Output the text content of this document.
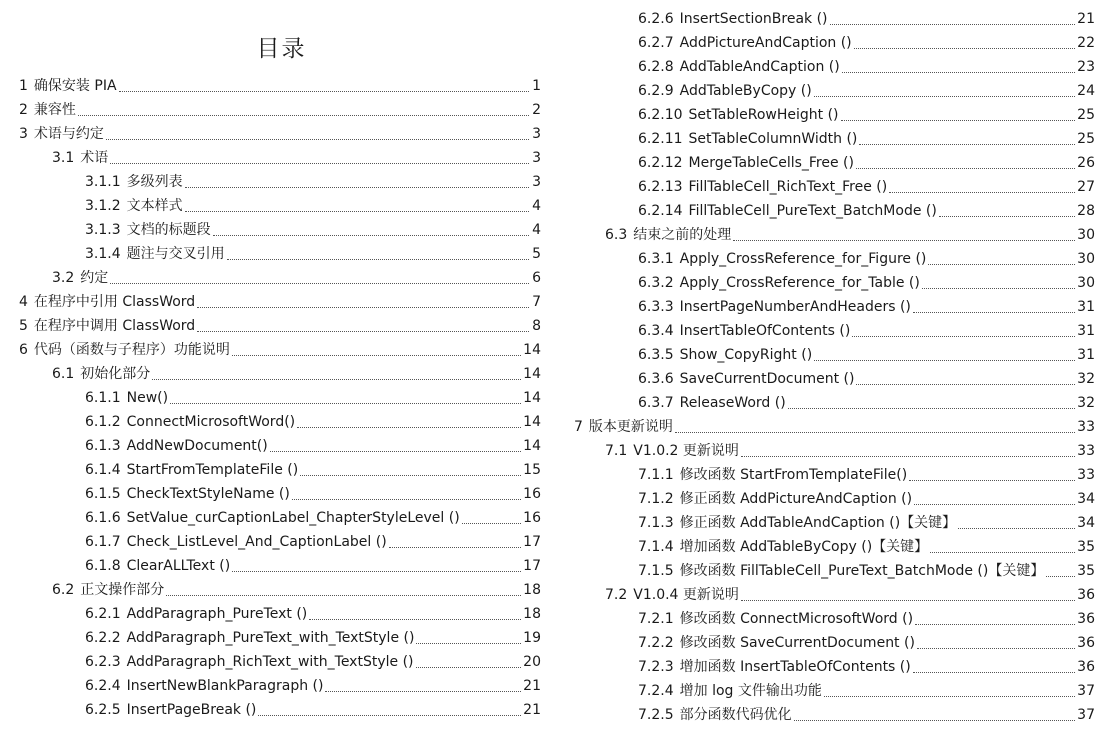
目录
1 确保安装 PIA	1
2 兼容性	2
3 术语与约定	3
3.1 术语	3
3.1.1 多级列表	3
3.1.2 文本样式	4
3.1.3 文档的标题段	4
3.1.4 题注与交叉引用	5
3.2 约定	6
4 在程序中引用 ClassWord	7
5 在程序中调用 ClassWord	8
6 代码（函数与子程序）功能说明	14
6.1 初始化部分	14
6.1.1 New()	14
6.1.2 ConnectMicrosoftWord()	14
6.1.3 AddNewDocument()	14
6.1.4 StartFromTemplateFile ()	15
6.1.5 CheckTextStyleName ()	16
6.1.6 SetValue_curCaptionLabel_ChapterStyleLevel ()	16
6.1.7 Check_ListLevel_And_CaptionLabel ()	17
6.1.8 ClearALLText ()	17
6.2 正文操作部分	18
6.2.1 AddParagraph_PureText ()	18
6.2.2 AddParagraph_PureText_with_TextStyle ()	19
6.2.3 AddParagraph_RichText_with_TextStyle ()	20
6.2.4 InsertNewBlankParagraph ()	21
6.2.5 InsertPageBreak ()	21
6.2.6 InsertSectionBreak ()	21
6.2.7 AddPictureAndCaption ()	22
6.2.8 AddTableAndCaption ()	23
6.2.9 AddTableByCopy ()	24
6.2.10 SetTableRowHeight ()	25
6.2.11 SetTableColumnWidth ()	25
6.2.12 MergeTableCells_Free ()	26
6.2.13 FillTableCell_RichText_Free ()	27
6.2.14 FillTableCell_PureText_BatchMode ()	28
6.3 结束之前的处理	30
6.3.1 Apply_CrossReference_for_Figure ()	30
6.3.2 Apply_CrossReference_for_Table ()	30
6.3.3 InsertPageNumberAndHeaders ()	31
6.3.4 InsertTableOfContents ()	31
6.3.5 Show_CopyRight ()	31
6.3.6 SaveCurrentDocument ()	32
6.3.7 ReleaseWord ()	32
7 版本更新说明	33
7.1 V1.0.2 更新说明	33
7.1.1 修改函数 StartFromTemplateFile()	33
7.1.2 修正函数 AddPictureAndCaption ()	34
7.1.3 修正函数 AddTableAndCaption ()【关键】	34
7.1.4 增加函数 AddTableByCopy ()【关键】	35
7.1.5 修改函数 FillTableCell_PureText_BatchMode ()【关键】 35
7.2 V1.0.4 更新说明	36
7.2.1 修改函数 ConnectMicrosoftWord ()	36
7.2.2 修改函数 SaveCurrentDocument ()	36
7.2.3 增加函数 InsertTableOfContents ()	36
7.2.4 增加 log 文件输出功能	37
7.2.5 部分函数代码优化	37
